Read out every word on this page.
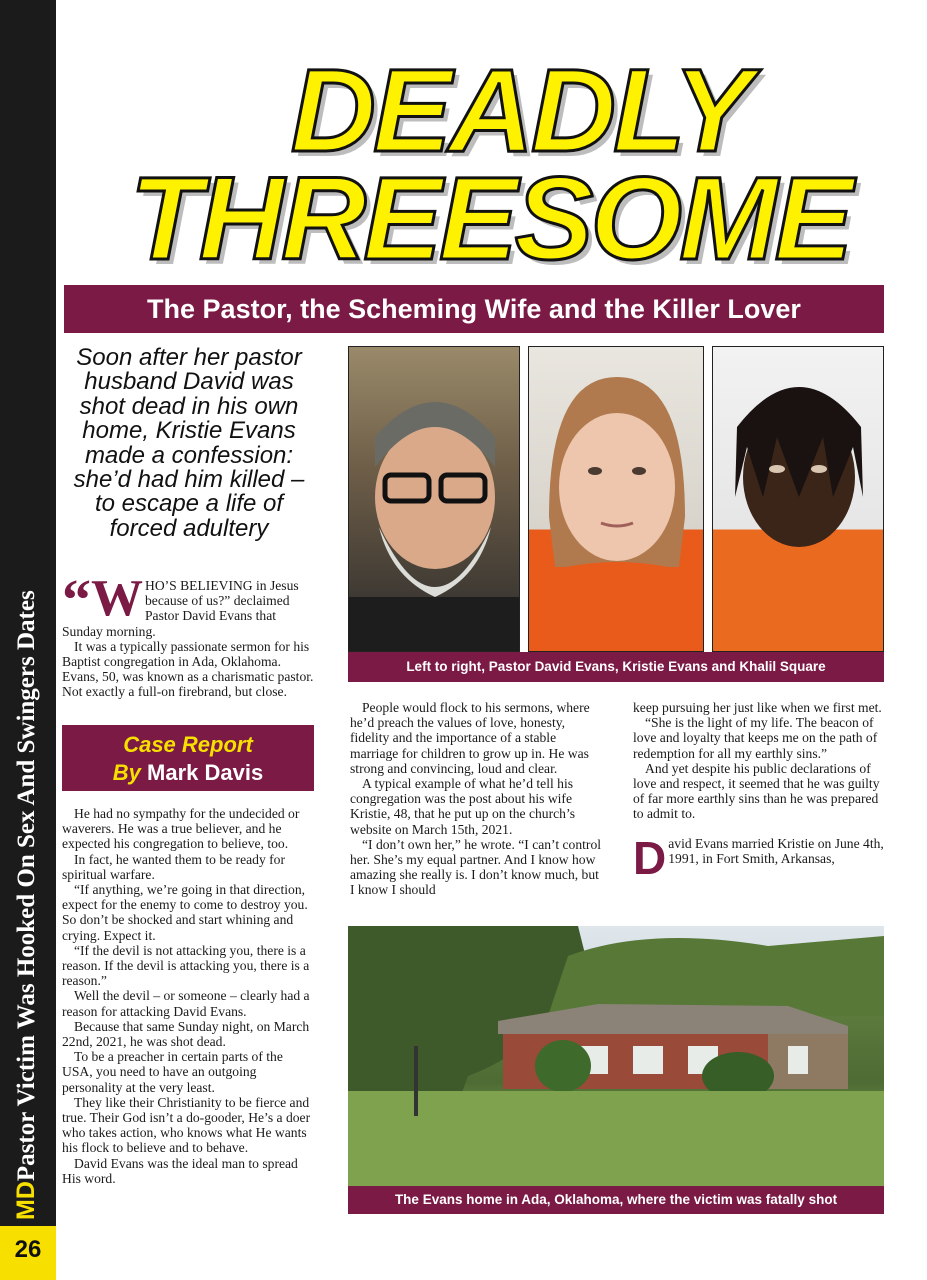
MDPastor Victim Was Hooked On Sex And Swingers Dates
26
DEADLY
THREESOME
The Pastor, the Scheming Wife and the Killer Lover
Soon after her pastor husband David was shot dead in his own home, Kristie Evans made a confession: she’d had him killed – to escape a life of forced adultery

“ W HO’S BELIEVING in Jesus because of us?” declaimed Pastor David Evans that Sunday morning.

It was a typically passionate sermon for his Baptist congregation in Ada, Oklahoma. Evans, 50, was known as a charismatic pastor. Not exactly a full-on firebrand, but close.

Case Report
By Mark Davis

He had no sympathy for the undecided or waverers. He was a true believer, and he expected his congregation to believe, too.

In fact, he wanted them to be ready for spiritual warfare.

“If anything, we’re going in that direction, expect for the enemy to come to destroy you. So don’t be shocked and start whining and crying. Expect it.

“If the devil is not attacking you, there is a reason. If the devil is attacking you, there is a reason.”

Well the devil – or someone – clearly had a reason for attacking David Evans.

Because that same Sunday night, on March 22nd, 2021, he was shot dead.

To be a preacher in certain parts of the USA, you need to have an outgoing personality at the very least.

They like their Christianity to be fierce and true. Their God isn’t a do-gooder, He’s a doer who takes action, who knows what He wants his flock to believe and to behave.

David Evans was the ideal man to spread His word.

Left to right, Pastor David Evans, Kristie Evans and Khalil Square

People would flock to his sermons, where he’d preach the values of love, honesty, fidelity and the importance of a stable marriage for children to grow up in. He was strong and convincing, loud and clear.

A typical example of what he’d tell his congregation was the post about his wife Kristie, 48, that he put up on the church’s website on March 15th, 2021.

“I don’t own her,” he wrote. “I can’t control her. She’s my equal partner. And I know how amazing she really is. I don’t know much, but I know I should

keep pursuing her just like when we first met.

“She is the light of my life. The beacon of love and loyalty that keeps me on the path of redemption for all my earthly sins.”

And yet despite his public declarations of love and respect, it seemed that he was guilty of far more earthly sins than he was prepared to admit to.

David Evans married Kristie on June 4th, 1991, in Fort Smith, Arkansas,

The Evans home in Ada, Oklahoma, where the victim was fatally shot
